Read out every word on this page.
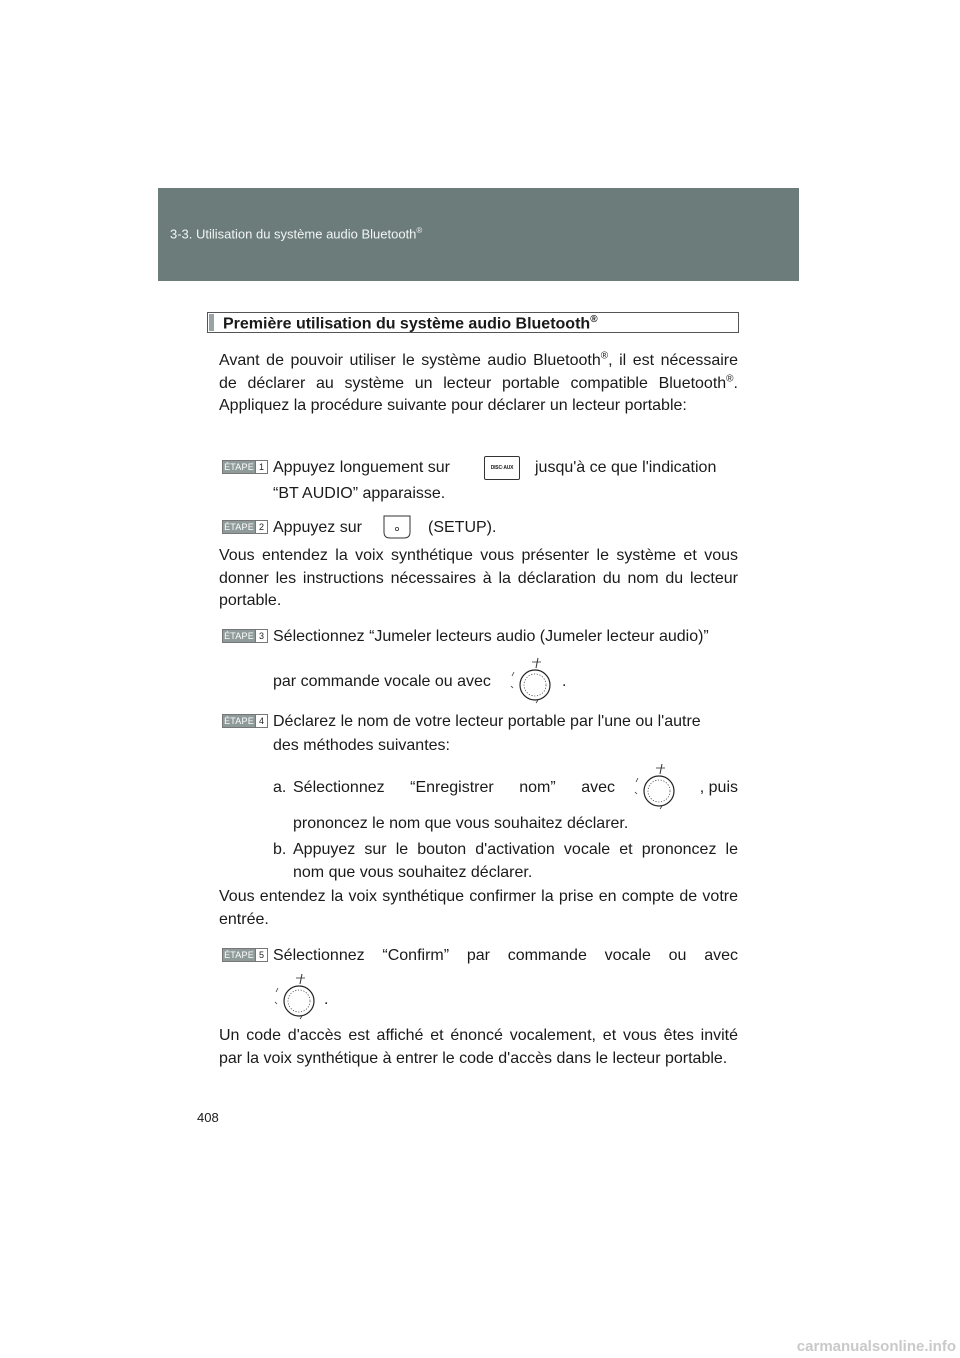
3-3. Utilisation du système audio Bluetooth®
Première utilisation du système audio Bluetooth®
Avant de pouvoir utiliser le système audio Bluetooth®, il est nécessaire de déclarer au système un lecteur portable compatible Bluetooth®. Appliquez la procédure suivante pour déclarer un lecteur portable:
ÉTAPE 1 Appuyez longuement sur	DISC·AUX	jusqu'à ce que l'indication
“BT AUDIO” apparaisse.
ÉTAPE 2 Appuyez sur	(SETUP).
Vous entendez la voix synthétique vous présenter le système et vous donner les instructions nécessaires à la déclaration du nom du lecteur portable.
ÉTAPE 3 Sélectionnez “Jumeler lecteurs audio (Jumeler lecteur audio)”
par commande vocale ou avec	.
ÉTAPE 4 Déclarez le nom de votre lecteur portable par l'une ou l'autre
des méthodes suivantes:
a. Sélectionnez “Enregistrer nom” avec	, puis
prononcez le nom que vous souhaitez déclarer.
b. Appuyez sur le bouton d'activation vocale et prononcez le
nom que vous souhaitez déclarer.
Vous entendez la voix synthétique confirmer la prise en compte de votre entrée.
ÉTAPE 5 Sélectionnez “Confirm” par commande vocale ou avec
.
Un code d'accès est affiché et énoncé vocalement, et vous êtes invité par la voix synthétique à entrer le code d'accès dans le lecteur portable.
408
carmanualsonline.info
